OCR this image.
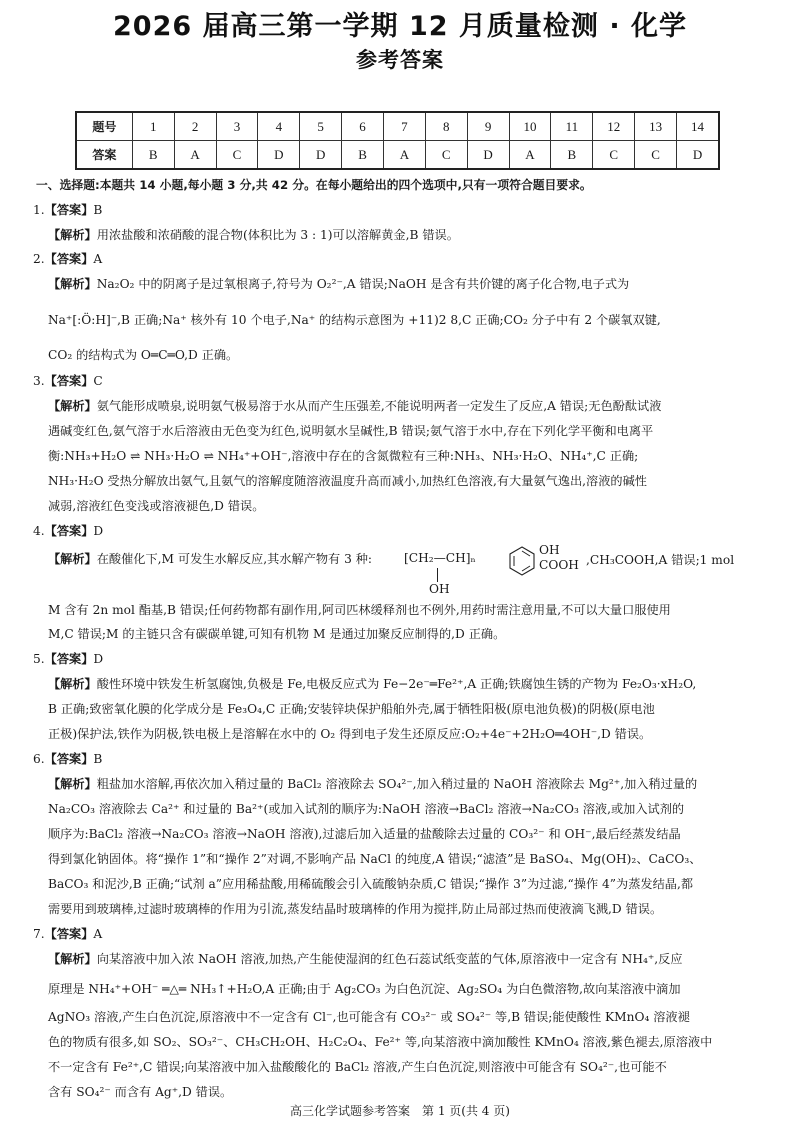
2026 届高三第一学期 12 月质量检测 · 化学
参考答案
题号	1	2	3	4	5	6	7	8	9	10	11	12	13	14
答案	B	A	C	D	D	B	A	C	D	A	B	C	C	D
一、选择题:本题共 14 小题,每小题 3 分,共 42 分。在每小题给出的四个选项中,只有一项符合题目要求。
1.【答案】B
【解析】用浓盐酸和浓硝酸的混合物(体积比为 3 : 1)可以溶解黄金,B 错误。
2.【答案】A
【解析】Na₂O₂ 中的阴离子是过氧根离子,符号为 O₂²⁻,A 错误;NaOH 是含有共价键的离子化合物,电子式为
Na⁺[:Ö:H]⁻,B 正确;Na⁺ 核外有 10 个电子,Na⁺ 的结构示意图为 +11)2 8,C 正确;CO₂ 分子中有 2 个碳氧双键,
CO₂ 的结构式为 O═C═O,D 正确。
3.【答案】C
【解析】氨气能形成喷泉,说明氨气极易溶于水从而产生压强差,不能说明两者一定发生了反应,A 错误;无色酚酞试液
遇碱变红色,氨气溶于水后溶液由无色变为红色,说明氨水呈碱性,B 错误;氨气溶于水中,存在下列化学平衡和电离平
衡:NH₃+H₂O ⇌ NH₃·H₂O ⇌ NH₄⁺+OH⁻,溶液中存在的含氮微粒有三种:NH₃、NH₃·H₂O、NH₄⁺,C 正确;
NH₃·H₂O 受热分解放出氨气,且氨气的溶解度随溶液温度升高而减小,加热红色溶液,有大量氨气逸出,溶液的碱性
减弱,溶液红色变浅或溶液褪色,D 错误。
4.【答案】D
【解析】在酸催化下,M 可发生水解反应,其水解产物有 3 种:	[CH₂—CH]ₙ
OH
OH
COOH ,CH₃COOH,A 错误;1 mol
M 含有 2n mol 酯基,B 错误;任何药物都有副作用,阿司匹林缓释剂也不例外,用药时需注意用量,不可以大量口服使用
M,C 错误;M 的主链只含有碳碳单键,可知有机物 M 是通过加聚反应制得的,D 正确。
5.【答案】D
【解析】酸性环境中铁发生析氢腐蚀,负极是 Fe,电极反应式为 Fe−2e⁻═Fe²⁺,A 正确;铁腐蚀生锈的产物为 Fe₂O₃·xH₂O,
B 正确;致密氧化膜的化学成分是 Fe₃O₄,C 正确;安装锌块保护船舶外壳,属于牺牲阳极(原电池负极)的阴极(原电池
正极)保护法,铁作为阴极,铁电极上是溶解在水中的 O₂ 得到电子发生还原反应:O₂+4e⁻+2H₂O═4OH⁻,D 错误。
6.【答案】B
【解析】粗盐加水溶解,再依次加入稍过量的 BaCl₂ 溶液除去 SO₄²⁻,加入稍过量的 NaOH 溶液除去 Mg²⁺,加入稍过量的
Na₂CO₃ 溶液除去 Ca²⁺ 和过量的 Ba²⁺(或加入试剂的顺序为:NaOH 溶液→BaCl₂ 溶液→Na₂CO₃ 溶液,或加入试剂的
顺序为:BaCl₂ 溶液→Na₂CO₃ 溶液→NaOH 溶液),过滤后加入适量的盐酸除去过量的 CO₃²⁻ 和 OH⁻,最后经蒸发结晶
得到氯化钠固体。将“操作 1”和“操作 2”对调,不影响产品 NaCl 的纯度,A 错误;“滤渣”是 BaSO₄、Mg(OH)₂、CaCO₃、
BaCO₃ 和泥沙,B 正确;“试剂 a”应用稀盐酸,用稀硫酸会引入硫酸钠杂质,C 错误;“操作 3”为过滤,“操作 4”为蒸发结晶,都
需要用到玻璃棒,过滤时玻璃棒的作用为引流,蒸发结晶时玻璃棒的作用为搅拌,防止局部过热而使液滴飞溅,D 错误。
7.【答案】A
【解析】向某溶液中加入浓 NaOH 溶液,加热,产生能使湿润的红色石蕊试纸变蓝的气体,原溶液中一定含有 NH₄⁺,反应
原理是 NH₄⁺+OH⁻ ═△═ NH₃↑+H₂O,A 正确;由于 Ag₂CO₃ 为白色沉淀、Ag₂SO₄ 为白色微溶物,故向某溶液中滴加
AgNO₃ 溶液,产生白色沉淀,原溶液中不一定含有 Cl⁻,也可能含有 CO₃²⁻ 或 SO₄²⁻ 等,B 错误;能使酸性 KMnO₄ 溶液褪
色的物质有很多,如 SO₂、SO₃²⁻、CH₃CH₂OH、H₂C₂O₄、Fe²⁺ 等,向某溶液中滴加酸性 KMnO₄ 溶液,紫色褪去,原溶液中
不一定含有 Fe²⁺,C 错误;向某溶液中加入盐酸酸化的 BaCl₂ 溶液,产生白色沉淀,则溶液中可能含有 SO₄²⁻,也可能不
含有 SO₄²⁻ 而含有 Ag⁺,D 错误。
高三化学试题参考答案　第 1 页(共 4 页)
